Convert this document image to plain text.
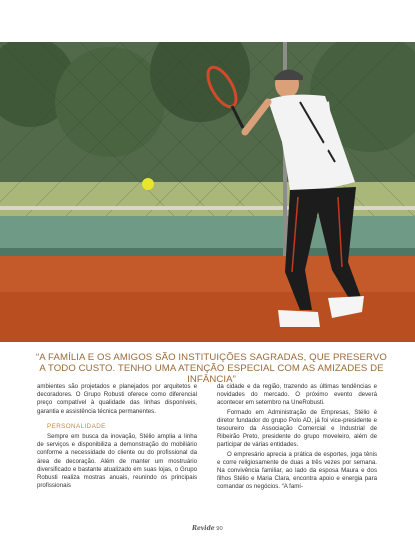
“A FAMÍLIA E OS AMIGOS SÃO INSTITUIÇÕES SAGRADAS, QUE PRESERVO A TODO CUSTO. TENHO UMA ATENÇÃO ESPECIAL COM AS AMIZADES DE INFÂNCIA”

ambientes são projetados e planejados por arquitetos e decoradores. O Grupo Robusti oferece como diferencial preço compatível à qualidade das linhas disponíveis, garantia e assistência técnica permanentes.

PERSONALIDADE

Sempre em busca da inovação, Stélio amplia a linha de serviços e disponibiliza a demonstração do mobiliário conforme a necessidade do cliente ou do profissional da área de decoração. Além de manter um mostruário diversificado e bastante atualizado em suas lojas, o Grupo Robusti realiza mostras anuais, reunindo os principais profissionais

da cidade e da região, trazendo as últimas tendências e novidades do mercado. O próximo evento deverá acontecer em setembro na UneRobusti.

Formado em Administração de Empresas, Stélio é diretor fundador do grupo Polo AD, já foi vice-presidente e tesoureiro da Associação Comercial e Industrial de Ribeirão Preto, presidente do grupo moveleiro, além de participar de várias entidades.

O empresário aprecia a prática de esportes, joga tênis e corre religiosamente de duas a três vezes por semana. Na convivência familiar, ao lado da esposa Maura e dos filhos Stélio e Maria Clara, encontra apoio e energia para comandar os negócios. “A famí-

Revide 90
